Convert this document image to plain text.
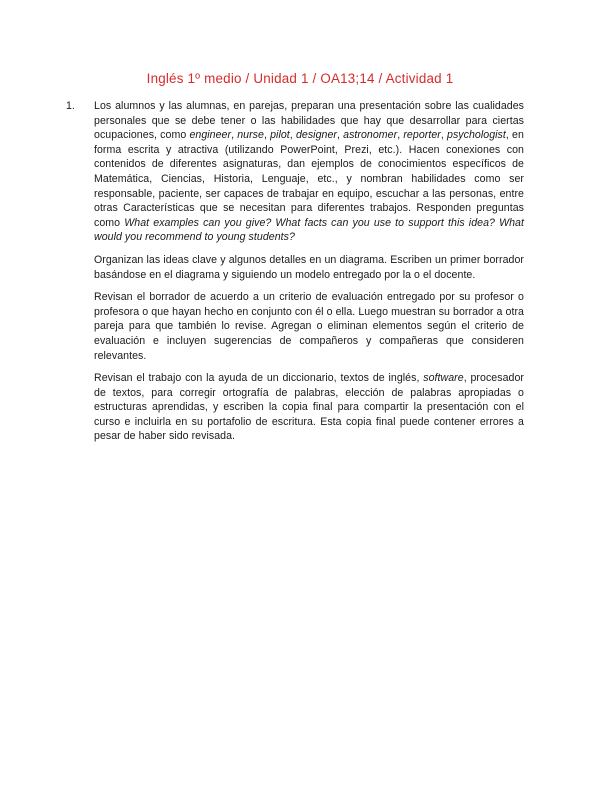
Inglés 1º medio / Unidad 1 / OA13;14 / Actividad 1
1. Los alumnos y las alumnas, en parejas, preparan una presentación sobre las cualidades personales que se debe tener o las habilidades que hay que desarrollar para ciertas ocupaciones, como engineer, nurse, pilot, designer, astronomer, reporter, psychologist, en forma escrita y atractiva (utilizando PowerPoint, Prezi, etc.). Hacen conexiones con contenidos de diferentes asignaturas, dan ejemplos de conocimientos específicos de Matemática, Ciencias, Historia, Lenguaje, etc., y nombran habilidades como ser responsable, paciente, ser capaces de trabajar en equipo, escuchar a las personas, entre otras Características que se necesitan para diferentes trabajos. Responden preguntas como What examples can you give? What facts can you use to support this idea? What would you recommend to young students?

Organizan las ideas clave y algunos detalles en un diagrama. Escriben un primer borrador basándose en el diagrama y siguiendo un modelo entregado por la o el docente.

Revisan el borrador de acuerdo a un criterio de evaluación entregado por su profesor o profesora o que hayan hecho en conjunto con él o ella. Luego muestran su borrador a otra pareja para que también lo revise. Agregan o eliminan elementos según el criterio de evaluación e incluyen sugerencias de compañeros y compañeras que consideren relevantes.

Revisan el trabajo con la ayuda de un diccionario, textos de inglés, software, procesador de textos, para corregir ortografía de palabras, elección de palabras apropiadas o estructuras aprendidas, y escriben la copia final para compartir la presentación con el curso e incluirla en su portafolio de escritura. Esta copia final puede contener errores a pesar de haber sido revisada.
